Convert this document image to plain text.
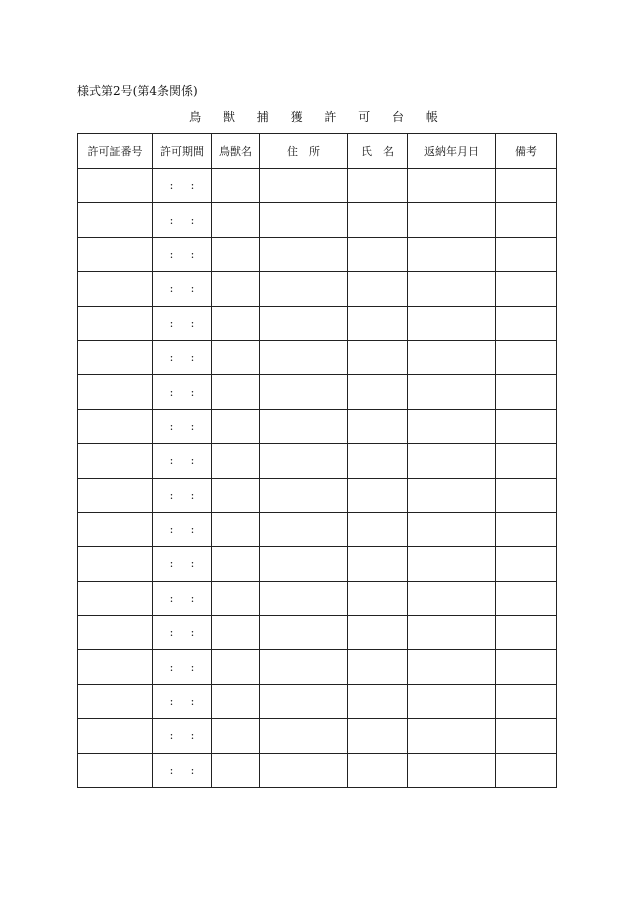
様式第2号(第4条関係)
鳥 獣 捕 獲 許 可 台 帳
許可証番号	許可期間	鳥獣名	住　所	氏　名	返納年月日	備考
	: :					
	: :					
	: :					
	: :					
	: :					
	: :					
	: :					
	: :					
	: :					
	: :					
	: :					
	: :					
	: :					
	: :					
	: :					
	: :					
	: :					
	: :					
